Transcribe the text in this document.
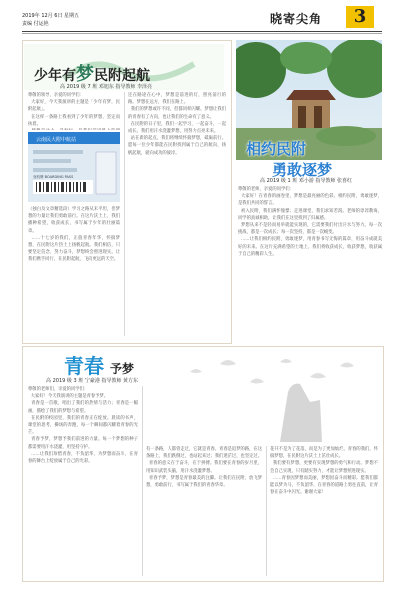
2019年 12月 6日 星期五
责编 付运艳	晓寄尖角	3
少年有梦民附起航
高 2019 级 7 班 邓旭东 指导教师 李泽亮
尊敬的领导，亲爱的同学们：
大家好，今天我演讲的主题是「少年有梦，民附起航」。
在这样一条路上我看到了少年的梦想，坚定而执着。

云南民大附中航站
登机牌 BOARDING PASS
（独白及文章精选段）学习之路从未平坦，但梦想的力量让我们勇敢前行。在这片沃土上，我们播种希望，收获成长，书写属于少年的壮丽篇章。
……十七岁的我们，正值青春年华，怀揣梦想，在民附这片热土上扬帆起航。我们相信，只要坚定信念，努力奋斗，梦想终会照进现实。让我们携手同行，在民附起航，飞向更远的天空。
还在路途在心中，梦想是前进的灯，照亮前行的路。梦想在远方，我们在路上。
我们的梦想或许不同，但都同样闪耀。梦想让我们的青春有了方向，也让我们的生命有了意义。
在民附的日子里，我们一起学习，一起奋斗，一起成长。我们用汗水浇灌梦想，用努力点亮未来。
站在新的起点，我们将继续怀揣梦想，砥砺前行。愿每一位少年都能在民附找到属于自己的航向，扬帆起航，驶向成功的彼岸。	相约民附
勇敢逐梦
高 2019 级 1 班 邓小游 指导教师 张喜红
尊敬的老师，亲爱的同学们：
大家好！在青春的画卷里，梦想是最亮丽的色彩。相约民附，勇敢逐梦，是我们共同的誓言。
初入民附，我们满怀憧憬；走进课堂，我们求知若渴。老师的谆谆教诲，同学的真诚相助，让我们在这里找到了归属感。
梦想从来不是轻而易举就能实现的，它需要我们付出汗水与努力。每一次挑战，都是一次成长；每一次坚持，都是一次蜕变。
……让我们相约民附，勇敢逐梦，用青春书写无悔的篇章，用奋斗成就美好的未来。在这片充满希望的土地上，我们将收获成长，收获梦想，收获属于自己的精彩人生。
青春 予梦
高 2019 级 3 班 宁豪港 指导教师 黄方东
尊敬的老师们，亲爱的同学们：
大家好！今天我演讲的主题是青春予梦。
青春是一首歌，唱出了我们的热情与活力；青春是一幅画，描绘了我们的梦想与希望。
在民附的校园里，我们的青春正在绽放。晨读的书声，课堂的思考，操场的奔跑，每一个瞬间都闪耀着青春的光芒。
青春予梦，梦想予我们前进的力量。每一个梦想的种子都需要用汗水浇灌，用坚持守护。
……让我们珍惜青春，不负韶华，为梦想而奋斗，在青春的舞台上绽放属于自己的光彩。
有一条路，人都曾走过，它就是青春。青春是追梦的路，在这条路上，我们跌倒过，也站起来过；我们迷茫过，也坚定过。
青春的意义在于奋斗，在于拼搏。我们要在青春的岁月里，用知识武装头脑，用汗水浇灌梦想。
青春予梦，梦想是青春最美的注脚。让我们在民附，放飞梦想，勇敢前行，书写属于我们的青春华章。
花开不是为了花落，而是为了更加灿烂。青春的我们，怀揣梦想，在民附这片沃土上茁壮成长。
我们要有梦想，更要有实现梦想的勇气和行动。梦想不会自己实现，只有踏实努力，才能让梦想照进现实。
……青春因梦想而美丽，梦想因奋斗而精彩。愿我们都能以梦为马，不负韶华，在青春的道路上勇往直前，让青春在奋斗中闪光。谢谢大家！
